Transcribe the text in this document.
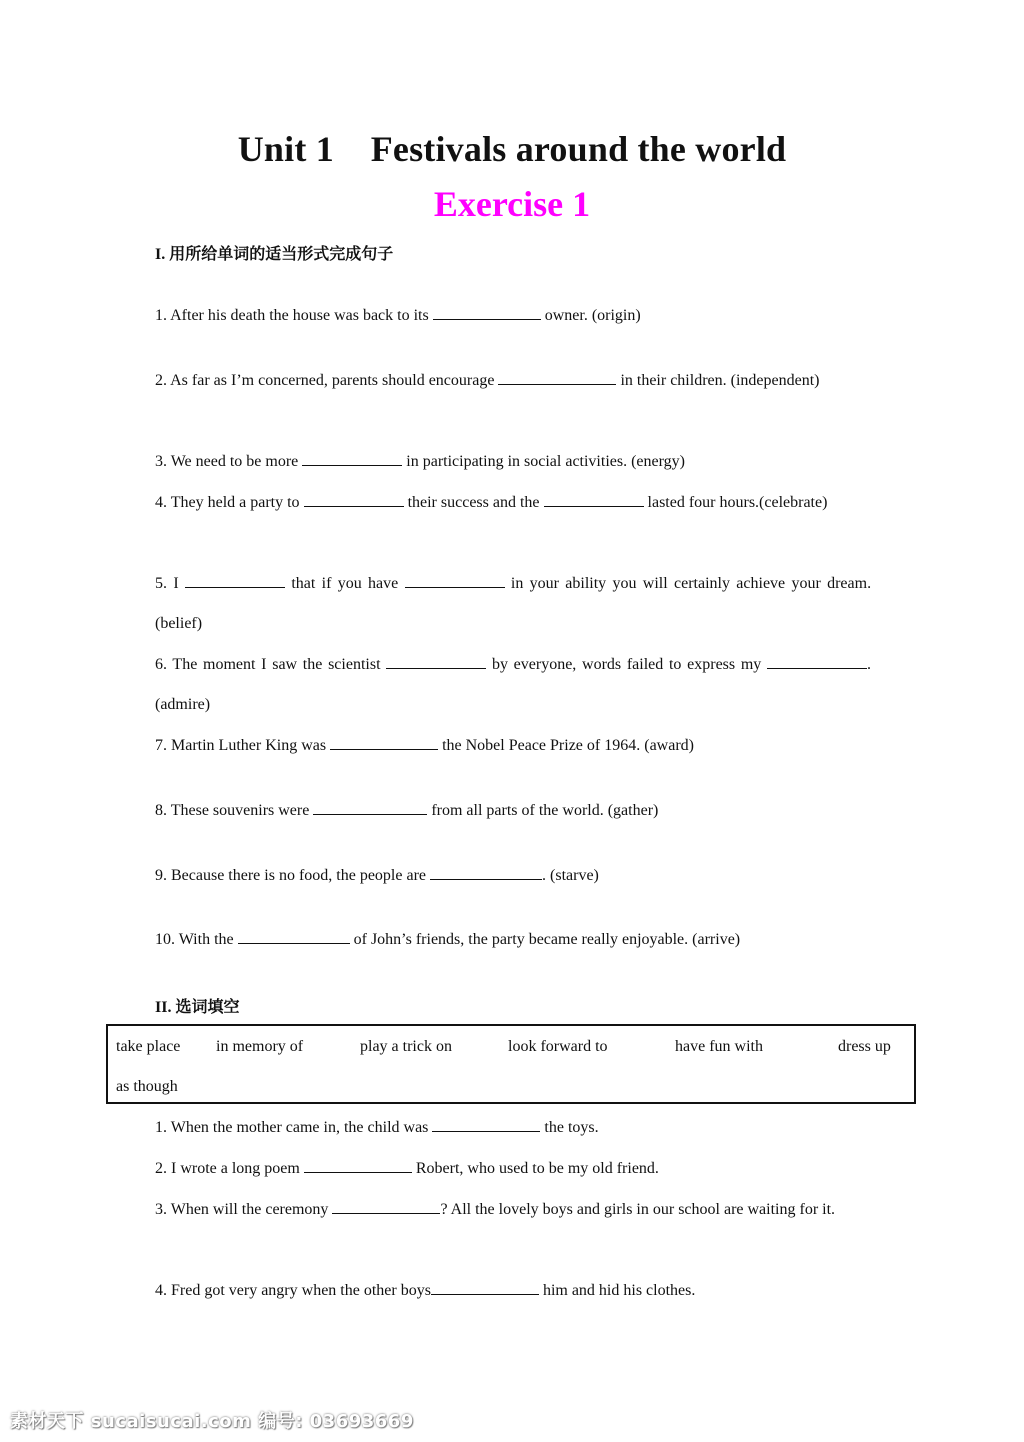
Unit 1    Festivals around the world
Exercise 1
I. 用所给单词的适当形式完成句子
1. After his death the house was back to its	owner. (origin)
2. As far as I’m concerned, parents should encourage	in their children. (independent)
3. We need to be more	in participating in social activities. (energy)
4. They held a party to	their success and the	lasted four hours.(celebrate)
5. I	that if you have	in your ability you will certainly achieve your dream.(belief)
6. The moment I saw the scientist	by everyone, words failed to express my	.(admire)
7. Martin Luther King was	the Nobel Peace Prize of 1964. (award)
8. These souvenirs were	from all parts of the world. (gather)
9. Because there is no food, the people are	. (starve)
10. With the	of John’s friends, the party became really enjoyable. (arrive)
II. 选词填空
take place in memory of	play a trick on	look forward to	have fun with	dress up
as though
1. When the mother came in, the child was	the toys.
2. I wrote a long poem	Robert, who used to be my old friend.
3. When will the ceremony	? All the lovely boys and girls in our school are waiting for it.
4. Fred got very angry when the other boys	him and hid his clothes.
素材天下 sucaisucai.com 编号: 03693669
